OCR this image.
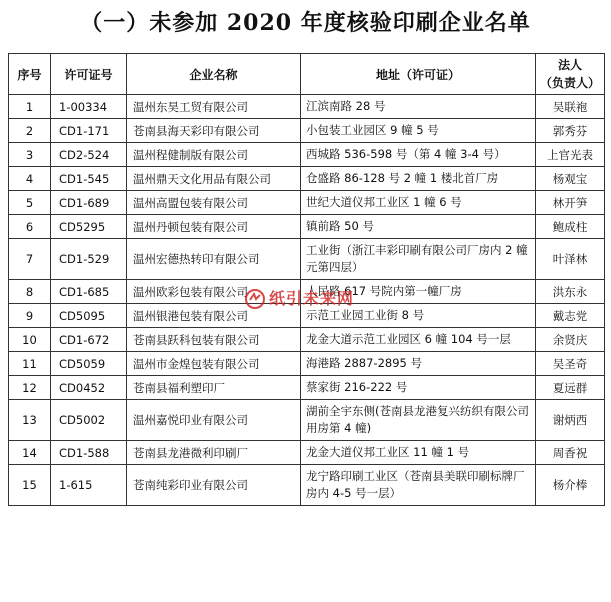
（一）未参加 2020 年度核验印刷企业名单
序号	许可证号	企业名称	地址（许可证）	法人
（负责人）

1	1-00334	温州东昊工贸有限公司	江滨南路 28 号	吴联袍
2	CD1-171	苍南县海天彩印有限公司	小包装工业园区 9 幢 5 号	郭秀芬
3	CD2-524	温州程健制版有限公司	西城路 536-598 号（第 4 幢 3-4 号）	上官光表
4	CD1-545	温州鼎天文化用品有限公司	仓盛路 86-128 号 2 幢 1 楼北首厂房	杨观宝
5	CD1-689	温州高盟包装有限公司	世纪大道仪邦工业区 1 幢 6 号	林开笋
6	CD5295	温州丹顿包装有限公司	镇前路 50 号	鲍成柱
7	CD1-529	温州宏德热转印有限公司	工业街（浙江丰彩印刷有限公司厂房内 2 幢元第四层）	叶泽林
8	CD1-685	温州欧彩包装有限公司	人民路 617 号院内第一幢厂房	洪东永
9	CD5095	温州银港包装有限公司	示范工业园工业街 8 号	戴志党
10	CD1-672	苍南县跃科包装有限公司	龙金大道示范工业园区 6 幢 104 号一层	余贤庆
11	CD5059	温州市金煌包装有限公司	海港路 2887-2895 号	吴圣奇
12	CD0452	苍南县福利塑印厂	蔡家街 216-222 号	夏远群
13	CD5002	温州嘉悦印业有限公司	湖前全宇东侧(苍南县龙港复兴纺织有限公司用房第 4 幢)	谢炳西
14	CD1-588	苍南县龙港微利印刷厂	龙金大道仪邦工业区 11 幢 1 号	周香祝
15	1-615	苍南纯彩印业有限公司	龙宁路印刷工业区（苍南县美联印刷标牌厂房内 4-5 号一层）	杨介棒
纸引未来网
